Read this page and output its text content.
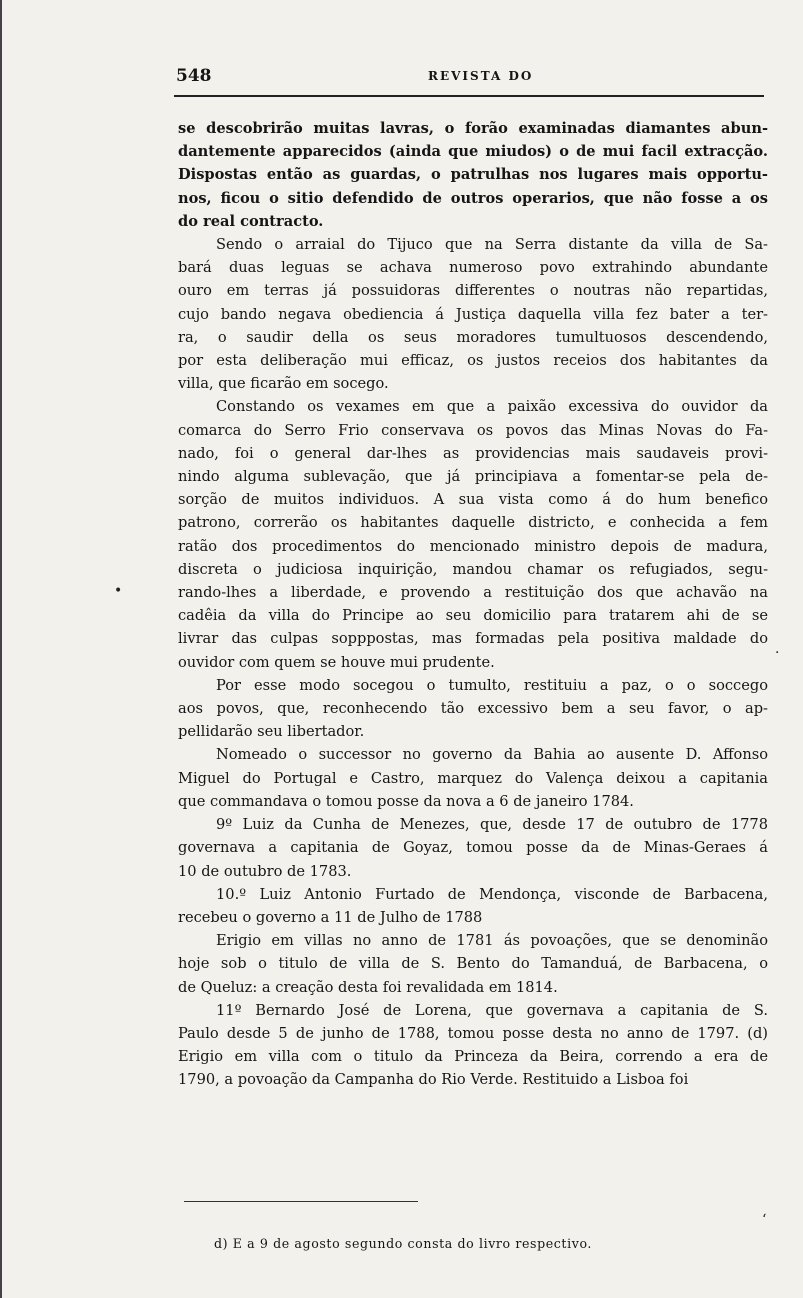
548	REVISTA DO
se descobrirão muitas lavras, o forão examinadas diamantes abun-
dantemente apparecidos (ainda que miudos) o de mui facil extracção.
Dispostas então as guardas, o patrulhas nos lugares mais opportu-
nos, ficou o sitio defendido de outros operarios, que não fosse a os
do real contracto.
Sendo o arraial do Tijuco que na Serra distante da villa de Sa-
bará duas leguas se achava numeroso povo extrahindo abundante
ouro em terras já possuidoras differentes o noutras não repartidas,
cujo bando negava obediencia á Justiça daquella villa fez bater a ter-
ra, o saudir della os seus moradores tumultuosos descendendo,
por esta deliberação mui efficaz, os justos receios dos habitantes da
villa, que ficarão em socego.
Constando os vexames em que a paixão excessiva do ouvidor da
comarca do Serro Frio conservava os povos das Minas Novas do Fa-
nado, foi o general dar-lhes as providencias mais saudaveis provi-
nindo alguma sublevação, que já principiava a fomentar-se pela de-
sorção de muitos individuos. A sua vista como á do hum benefico
patrono, correrão os habitantes daquelle districto, e conhecida a fem
ratão dos procedimentos do mencionado ministro depois de madura,
discreta o judiciosa inquirição, mandou chamar os refugiados, segu-
rando-lhes a liberdade, e provendo a restituição dos que achavão na
cadêia da villa do Principe ao seu domicilio para tratarem ahi de se
livrar das culpas sopppostas, mas formadas pela positiva maldade do
ouvidor com quem se houve mui prudente.
Por esse modo socegou o tumulto, restituiu a paz, o o soccego
aos povos, que, reconhecendo tão excessivo bem a seu favor, o ap-
pellidarão seu libertador.
Nomeado o successor no governo da Bahia ao ausente D. Affonso
Miguel do Portugal e Castro, marquez do Valença deixou a capitania
que commandava o tomou posse da nova a 6 de janeiro 1784.
9º Luiz da Cunha de Menezes, que, desde 17 de outubro de 1778
governava a capitania de Goyaz, tomou posse da de Minas-Geraes á
10 de outubro de 1783.
10.º Luiz Antonio Furtado de Mendonça, visconde de Barbacena,
recebeu o governo a 11 de Julho de 1788
Erigio em villas no anno de 1781 ás povoações, que se denominão
hoje sob o titulo de villa de S. Bento do Tamanduá, de Barbacena, o
de Queluz: a creação desta foi revalidada em 1814.
11º Bernardo José de Lorena, que governava a capitania de S.
Paulo desde 5 de junho de 1788, tomou posse desta no anno de 1797. (d)
Erigio em villa com o titulo da Princeza da Beira, correndo a era de
1790, a povoação da Campanha do Rio Verde. Restituido a Lisboa foi
•
·
‘
d) E a 9 de agosto segundo consta do livro respectivo.
